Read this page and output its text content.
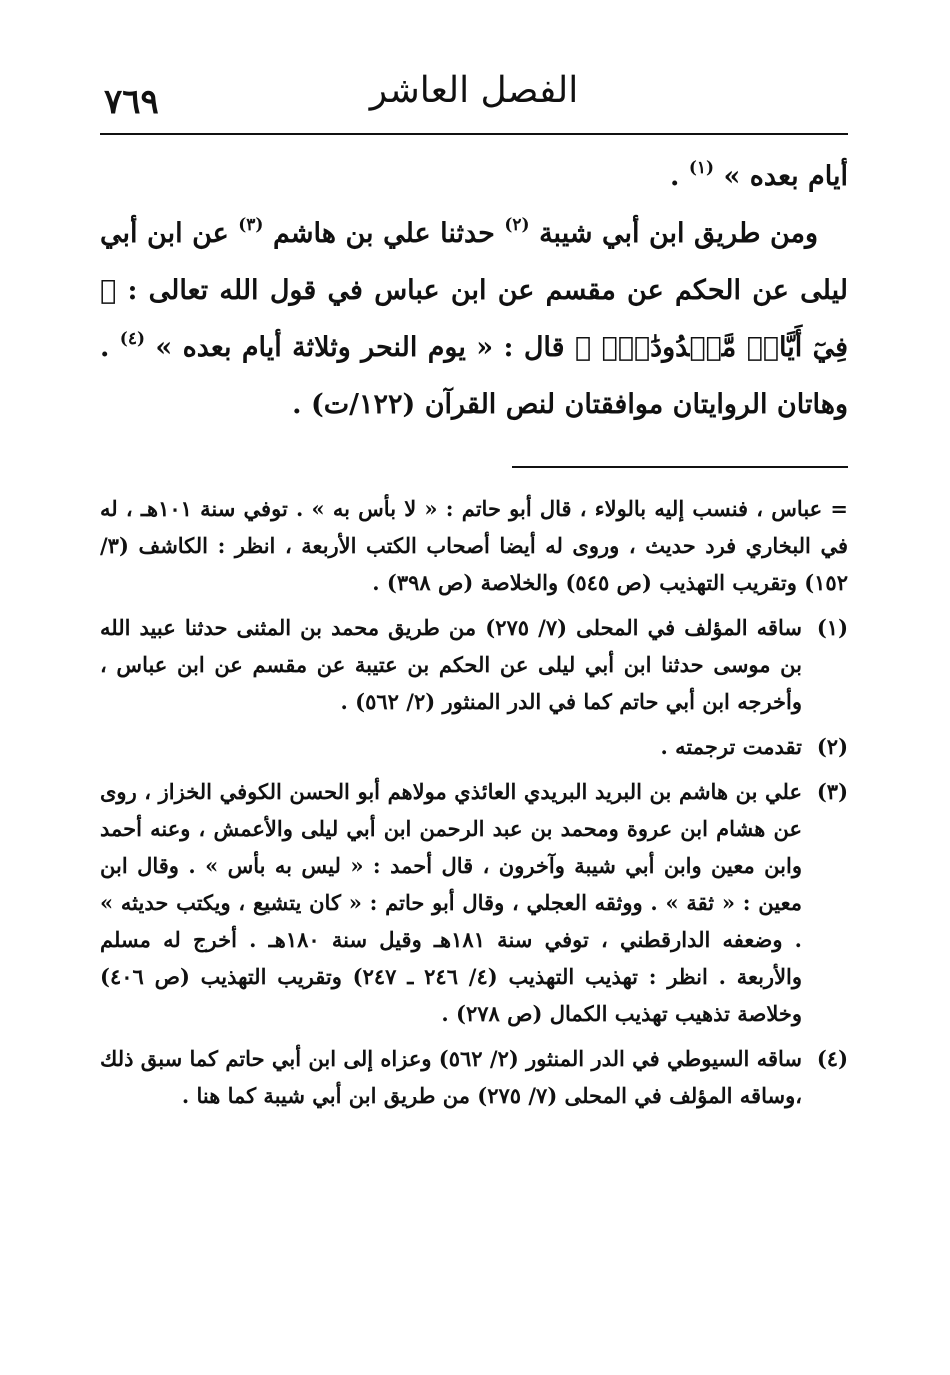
الفصل العاشر
٧٦٩

أيام بعده » $^{(١)}$ .

ومن طريق ابن أبي شيبة $^{(٢)}$ حدثنا علي بن هاشم $^{(٣)}$ عن ابن أبي ليلى عن الحكم عن مقسم عن ابن عباس في قول الله تعالى : ﴿ فِيٓ أَيَّامٖ مَّعۡدُودَٰتٖۚ ﴾ قال : « يوم النحر وثلاثة أيام بعده » $^{(٤)}$ . وهاتان الروايتان موافقتان لنص القرآن (١٢٢/ت) .

= عباس ، فنسب إليه بالولاء ، قال أبو حاتم : « لا بأس به » . توفي سنة ١٠١هـ ، له في البخاري فرد حديث ، وروى له أيضا أصحاب الكتب الأربعة ، انظر : الكاشف (٣/ ١٥٢) وتقريب التهذيب (ص ٥٤٥) والخلاصة (ص ٣٩٨) .

(١)
ساقه المؤلف في المحلى (٧/ ٢٧٥) من طريق محمد بن المثنى حدثنا عبيد الله بن موسى حدثنا ابن أبي ليلى عن الحكم بن عتيبة عن مقسم عن ابن عباس ، وأخرجه ابن أبي حاتم كما في الدر المنثور (٢/ ٥٦٢) .
(٢)
تقدمت ترجمته .
(٣)
علي بن هاشم بن البريد البريدي العائذي مولاهم أبو الحسن الكوفي الخزاز ، روى عن هشام ابن عروة ومحمد بن عبد الرحمن ابن أبي ليلى والأعمش ، وعنه أحمد وابن معين وابن أبي شيبة وآخرون ، قال أحمد : « ليس به بأس » . وقال ابن معين : « ثقة » . ووثقه العجلي ، وقال أبو حاتم : « كان يتشيع ، ويكتب حديثه » . وضعفه الدارقطني ، توفي سنة ١٨١هـ وقيل سنة ١٨٠هـ . أخرج له مسلم والأربعة . انظر : تهذيب التهذيب (٤/ ٢٤٦ ـ ٢٤٧) وتقريب التهذيب (ص ٤٠٦) وخلاصة تذهيب تهذيب الكمال (ص ٢٧٨) .
(٤)
ساقه السيوطي في الدر المنثور (٢/ ٥٦٢) وعزاه إلى ابن أبي حاتم كما سبق ذلك ،وساقه المؤلف في المحلى (٧/ ٢٧٥) من طريق ابن أبي شيبة كما هنا .
